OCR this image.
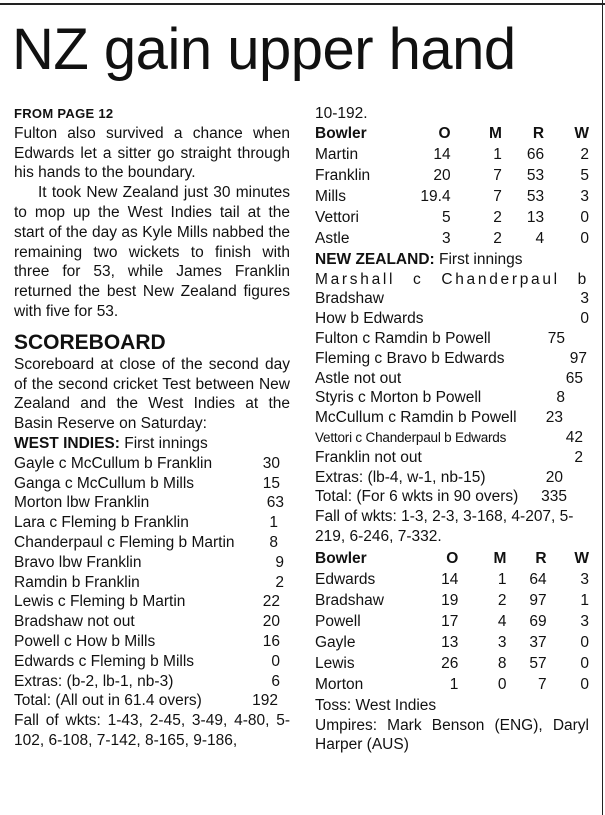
NZ gain upper hand
FROM PAGE 12
Fulton also survived a chance when Edwards let a sitter go straight through his hands to the boundary.
It took New Zealand just 30 minutes to mop up the West Indies tail at the start of the day as Kyle Mills nabbed the remaining two wickets to finish with three for 53, while James Franklin returned the best New Zealand figures with five for 53.
SCOREBOARD
Scoreboard at close of the second day of the second cricket Test between New Zealand and the West Indies at the Basin Reserve on Saturday:
WEST INDIES: First innings
Gayle c McCullum b Franklin	30
Ganga c McCullum b Mills	15
Morton lbw Franklin	63
Lara c Fleming b Franklin	1
Chanderpaul c Fleming b Martin 8
Bravo lbw Franklin	9
Ramdin b Franklin	2
Lewis c Fleming b Martin	22
Bradshaw not out	20
Powell c How b Mills	16
Edwards c Fleming b Mills	0
Extras: (b-2, lb-1, nb-3)	6
Total: (All out in 61.4 overs)	192
Fall of wkts: 1-43, 2-45, 3-49, 4-80, 5-102, 6-108, 7-142, 8-165, 9-186,
10-192.
Bowler	O	M	R	W
Martin	14	1	66	2
Franklin	20	7	53	5
Mills	19.4	7	53	3
Vettori	5	2	13	0
Astle	3	2	4	0
NEW ZEALAND: First innings
Marshall c Chanderpaul b
Bradshaw	3
How b Edwards	0
Fulton c Ramdin b Powell	75
Fleming c Bravo b Edwards	97
Astle not out	65
Styris c Morton b Powell	8
McCullum c Ramdin b Powell 23
Vettori c Chanderpaul b Edwards	42
Franklin not out	2
Extras: (lb-4, w-1, nb-15)	20
Total: (For 6 wkts in 90 overs) 335
Fall of wkts: 1-3, 2-3, 3-168, 4-207, 5-219, 6-246, 7-332.
Bowler	O	M	R	W
Edwards	14	1	64	3
Bradshaw	19	2	97	1
Powell	17	4	69	3
Gayle	13	3	37	0
Lewis	26	8	57	0
Morton	1	0	7	0
Toss: West Indies
Umpires: Mark Benson (ENG), Daryl Harper (AUS)
